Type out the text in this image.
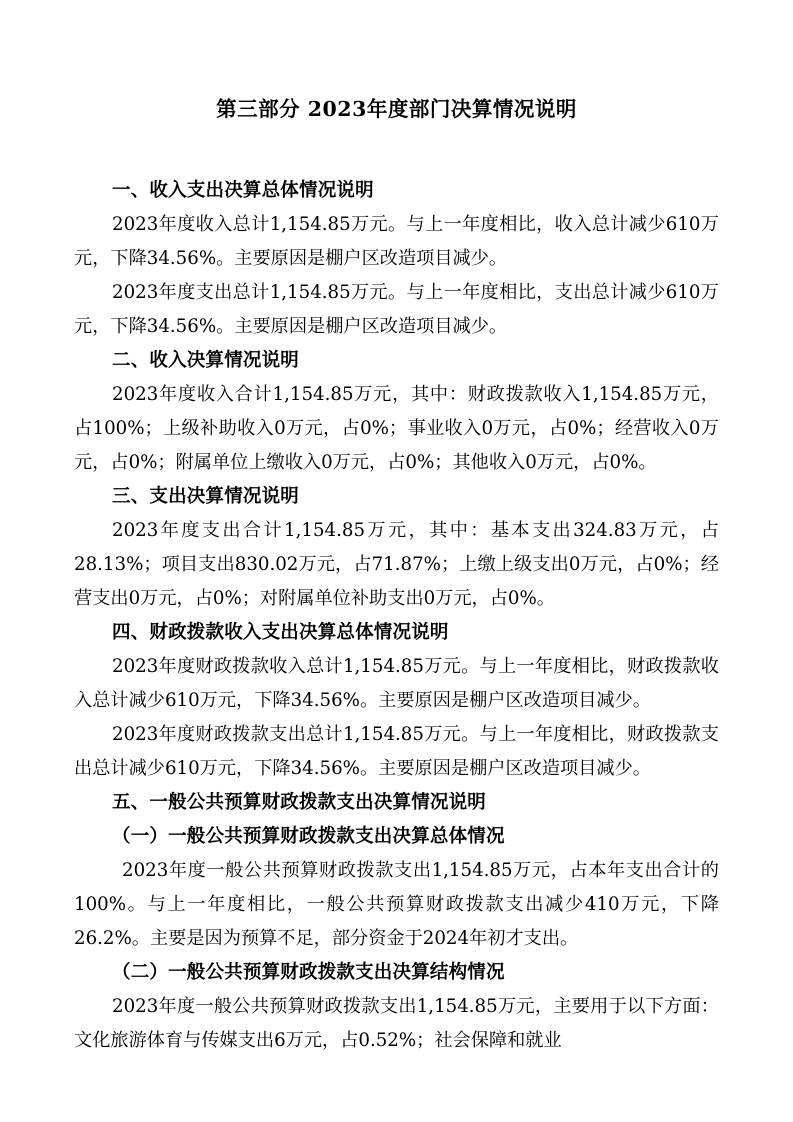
第三部分 2023年度部门决算情况说明

一、收入支出决算总体情况说明

2023年度收入总计1,154.85万元。与上一年度相比，收入总计减少610万元，下降34.56%。主要原因是棚户区改造项目减少。

2023年度支出总计1,154.85万元。与上一年度相比，支出总计减少610万元，下降34.56%。主要原因是棚户区改造项目减少。

二、收入决算情况说明

2023年度收入合计1,154.85万元，其中：财政拨款收入1,154.85万元，占100%；上级补助收入0万元，占0%；事业收入0万元，占0%；经营收入0万元，占0%；附属单位上缴收入0万元，占0%；其他收入0万元，占0%。

三、支出决算情况说明

2023年度支出合计1,154.85万元，其中：基本支出324.83万元，占28.13%；项目支出830.02万元，占71.87%；上缴上级支出0万元，占0%；经营支出0万元，占0%；对附属单位补助支出0万元，占0%。

四、财政拨款收入支出决算总体情况说明

2023年度财政拨款收入总计1,154.85万元。与上一年度相比，财政拨款收入总计减少610万元，下降34.56%。主要原因是棚户区改造项目减少。

2023年度财政拨款支出总计1,154.85万元。与上一年度相比，财政拨款支出总计减少610万元，下降34.56%。主要原因是棚户区改造项目减少。

五、一般公共预算财政拨款支出决算情况说明

（一）一般公共预算财政拨款支出决算总体情况

2023年度一般公共预算财政拨款支出1,154.85万元，占本年支出合计的100%。与上一年度相比，一般公共预算财政拨款支出减少410万元，下降26.2%。主要是因为预算不足，部分资金于2024年初才支出。

（二）一般公共预算财政拨款支出决算结构情况

2023年度一般公共预算财政拨款支出1,154.85万元，主要用于以下方面：文化旅游体育与传媒支出6万元，占0.52%；社会保障和就业
